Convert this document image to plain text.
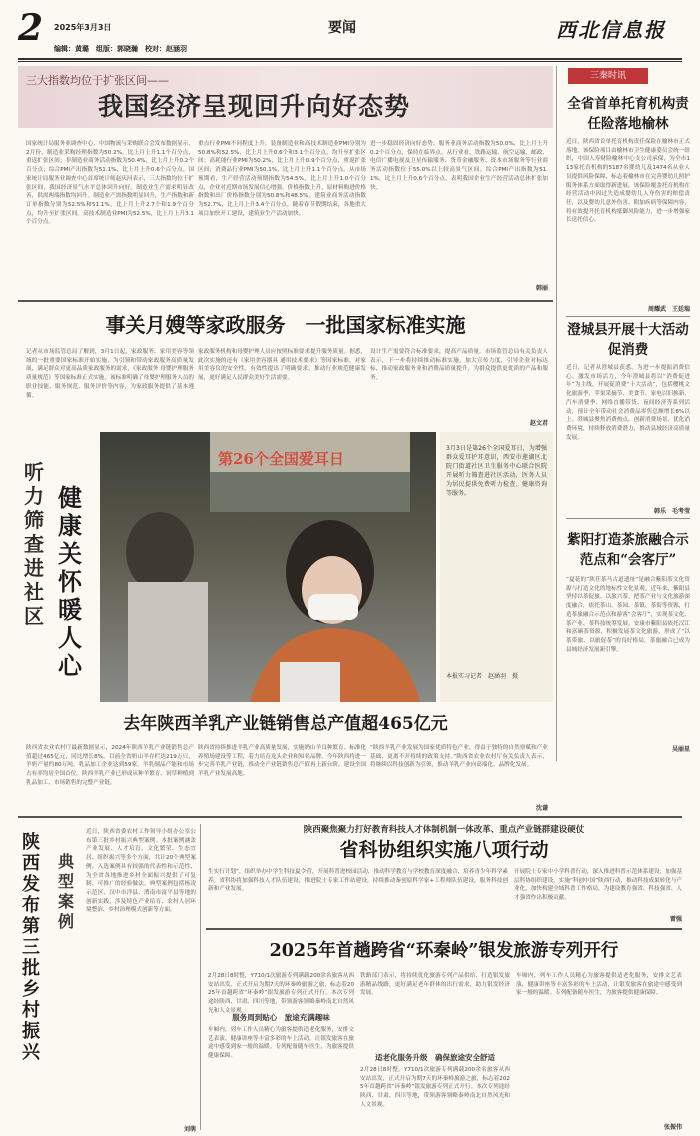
2 2025年3月3日
编辑：黄璐　组版：郭晓瀚　校对：赵涵羽
要闻	西北信息报
三大指数均位于扩张区间——
我国经济呈现回升向好态势
国家统计局服务业调查中心、中国物流与采购联合会发布数据显示，2月份，制造业采购经理指数为50.2%，比上月上升1.1个百分点，重返扩张区间；非制造业商务活动指数为50.4%，比上月上升0.2个百分点；综合PMI产出指数为51.1%，比上月上升0.6个百分点。国家统计局服务业调查中心首席统计师赵庆河表示，三大指数均位于扩张区间，我国经济景气水平总体回升向好。制造业生产需求明显改善，供需两端指数均回升。制造业产需指数明显回升，生产指数和新订单指数分别为52.5%和51.1%，比上月上升2.7个和1.9个百分点，均升至扩张区间。高技术制造业PMI为52.5%，比上月上升3.1个百分点。
重点行业PMI不同程度上升。装备制造业和高技术制造业PMI分别为50.8%和52.5%，比上月上升0.6个和3.1个百分点，均升至扩张区间；高耗能行业PMI为50.2%，比上月上升0.9个百分点，重返扩张区间；消费品行业PMI为50.1%，比上月上升1.1个百分点。从市场预期看，生产经营活动预期指数为54.5%，比上月上升1.0个百分点，企业对近期市场发展信心增强。价格指数上升，原材料购进价格指数和出厂价格指数分别为50.8%和48.5%。建筑业商务活动指数为52.7%，比上月上升3.4个百分点，随着春节假期结束，各地重大项目加快开工建设，建筑业生产活动加快。
进一步稳固经济向好态势。服务业商务活动指数为50.0%，比上月上升0.2个百分点，保持在临界点。从行业看，铁路运输、航空运输、邮政、电信广播电视及卫星传输服务、货币金融服务、资本市场服务等行业商务活动指数位于55.0%以上较高景气区间。综合PMI产出指数为51.1%，比上月上升0.6个百分点，表明我国企业生产经营活动总体扩张加快。
韩丽
三秦时讯
全省首单托育机构责任险落地榆林
近日，陕西省首单托育机构责任保险在榆林市正式落地。该保险项目由榆林市卫生健康委员会统一组织，中国人寿财险榆林中心支公司承保，为全市113家托育机构的5187名婴幼儿及1474名从业人员提供风险保障，标志着榆林市在完善婴幼儿照护服务体系方面取得新进展。该保险覆盖托育机构在经营活动中因过失造成婴幼儿人身伤害的赔偿责任，以及婴幼儿意外伤害、附加疾病等保障内容，将有效提升托育机构抵御风险能力，进一步增强家长送托信心。
周耀武　王廷瑞
澄城县开展十大活动促消费
近日，记者从澄城县获悉，为进一步提振消费信心、激发市场活力，今年澄城县将以“消费促进年”为主线，开展促消费“十大活动”，包括樱桃文化旅游季、苹果采摘节、美食节、家电以旧换新、汽车消费季、网络直播带货、夜间经济等系列活动，预计全年带动社会消费品零售总额增长8%以上。澄城县聚焦消费热点、创新消费场景、优化消费环境，持续释放消费潜力，推动县域经济高质量发展。
韩乐　毛考莹
紫阳打造茶旅融合示范点和“会客厅”
“夏花的”陕茌茶马古道遗址“是融合紫阳茶文化资源与打造文化的地标性文化景观。近年来，紫阳县坚持以茶促旅、以旅兴茶，把茶产业与文化旅游深度融合，依托茶山、茶园、茶镇、茶街等资源，打造茶旅融合示范点和游客“会客厅”，实现茶文化、茶产业、茶科技统筹发展。安康市紫阳县依托汉江和富硒茶资源，积极发展茶文化旅游，形成了“以茶带旅、以旅促茶”的良好格局，茶旅融合已成为县域经济发展新引擎。
吴丽星
事关月嫂等家政服务　一批国家标准实施
记者从市场监管总局了解到，3月1日起，家政服务、家用美容等领域的一批重要国家标准开始实施。为引领和带动家政服务高质量发展，满足群众对更高品质家政服务的需求，《家政服务 母婴护理服务质量规范》等国家标准正式实施。该标准明确了母婴护理服务人员的职业技能、服务规范、服务评价等内容，为家政服务提供了基本遵循。
家政服务机构和母婴护理人员应按照标准要求提升服务质量。据悉，此次实施的还有《家用美容器具 通用技术要求》等国家标准，对家用美容仪的安全性、有效性提出了明确要求，推动行业规范健康发展，更好满足人民群众美好生活需要。
设计生产需要符合标准要求，提高产品质量。市场监管总局有关负责人表示，下一步将持续推动标准实施，加大宣传力度，引导企业对标达标，推动家政服务业和消费品质量提升，为群众提供更优质的产品和服务。
赵文君
健康关怀暖人心
听力筛查进社区
第26个全国爱耳日
3月3日是第26个全国爱耳日，为增强群众爱耳护耳意识，西安市莲湖区北院门街道社区卫生服务中心联合医院开展听力筛查进社区活动，医务人员为居民提供免费听力检查、健康咨询等服务。
本报实习记者　赵涵羽　摄
去年陕西羊乳产业链销售总产值超465亿元
陕西省农业农村厅最新数据显示，2024年陕西羊乳产业链销售总产值超过465亿元，同比增长8%。目前全省奶山羊存栏达219万只，羊奶产量约80万吨，乳品加工企业达到59家，羊乳制品产能和市场占有率均居全国首位。陕西羊乳产业已形成从种羊繁育、饲草种植到乳品加工、市场销售的完整产业链。
陕西省持续推进羊乳产业高质量发展，实施奶山羊良种繁育、标准化养殖场建设等工程，着力培育龙头企业和知名品牌。今年陕西将进一步完善羊乳产业链，推动全产业链销售总产值再上新台阶，建设全国羊乳产业发展高地。
“陕西羊乳产业发展为国家优质特色产业，得益于独特的自然禀赋和产业基础，更离不开持续的政策支持。”陕西省农业农村厅有关负责人表示，将继续以科技创新为引领，推动羊乳产业向高端化、品牌化发展。
沈谦
陕西发布第三批乡村振兴
典型案例
近日，陕西省委农村工作领导小组办公室公布第三批乡村振兴典型案例。本批案例涵盖产业发展、人才培育、文化繁荣、生态宜居、组织振兴等多个方面，共计20个典型案例。入选案例具有较强的代表性和示范性，为全省各地推进乡村全面振兴提供了可复制、可推广的经验做法。典型案例包括杨凌示范区、汉中市洋县、渭南市富平县等地的创新实践，涉及特色产业培育、农村人居环境整治、乡村治理模式创新等方面。
刘萌
陕西聚焦聚力打好教育科技人才体制机制一体改革、重点产业链群建设硬仗
省科协组织实施八项行动
生实行计划”，组织举办中学生科技夏令营，开展科普进校园活动，推动科学教育与学校教育深度融合，培养青少年科学素养。省科协将加强科技人才队伍建设，推进院士专家工作站建设，持续推动秦创原科学家+工程师队伍建设，服务科技创新和产业发展。
开展院士专家中小学科普行动，深入推进科普示范体系建设，加强基层科协组织建设，实施“科创中国”陕西行动，推动科技成果转化与产业化，加快构建全域科普工作格局，为建设教育强省、科技强省、人才强省作出积极贡献。
雷强
2025年首趟跨省“环秦岭”银发旅游专列开行
2月28日8时整，Y710/1次旅游专列满载200余名旅客从西安站出发，正式开启为期7天的环秦岭旅游之旅，标志着2025年首趟跨省“环秦岭”银发旅游专列正式开行。本次专列途经陕西、甘肃、四川等地，带领游客领略秦岭南北自然风光和人文景观。
服务周到贴心　旅途充满趣味
车厢内，列车工作人员精心为旅客提供适老化服务，安排文艺表演、健康讲座等丰富多彩的车上活动，让银发旅客在旅途中感受到家一般的温暖。专列配备随车医生，为旅客提供健康保障。
铁路部门表示，将持续优化旅游专列产品供给，打造银发旅游精品线路，更好满足老年群体的出行需求，助力银发经济发展。
适老化服务升级　确保旅途安全舒适
2月28日8时整，Y710/1次旅游专列满载200余名旅客从西安站出发，正式开启为期7天的环秦岭旅游之旅，标志着2025年首趟跨省“环秦岭”银发旅游专列正式开行。本次专列途经陕西、甘肃、四川等地，带领游客领略秦岭南北自然风光和人文景观。
车厢内，列车工作人员精心为旅客提供适老化服务，安排文艺表演、健康讲座等丰富多彩的车上活动，让银发旅客在旅途中感受到家一般的温暖。专列配备随车医生，为旅客提供健康保障。
张振伟
